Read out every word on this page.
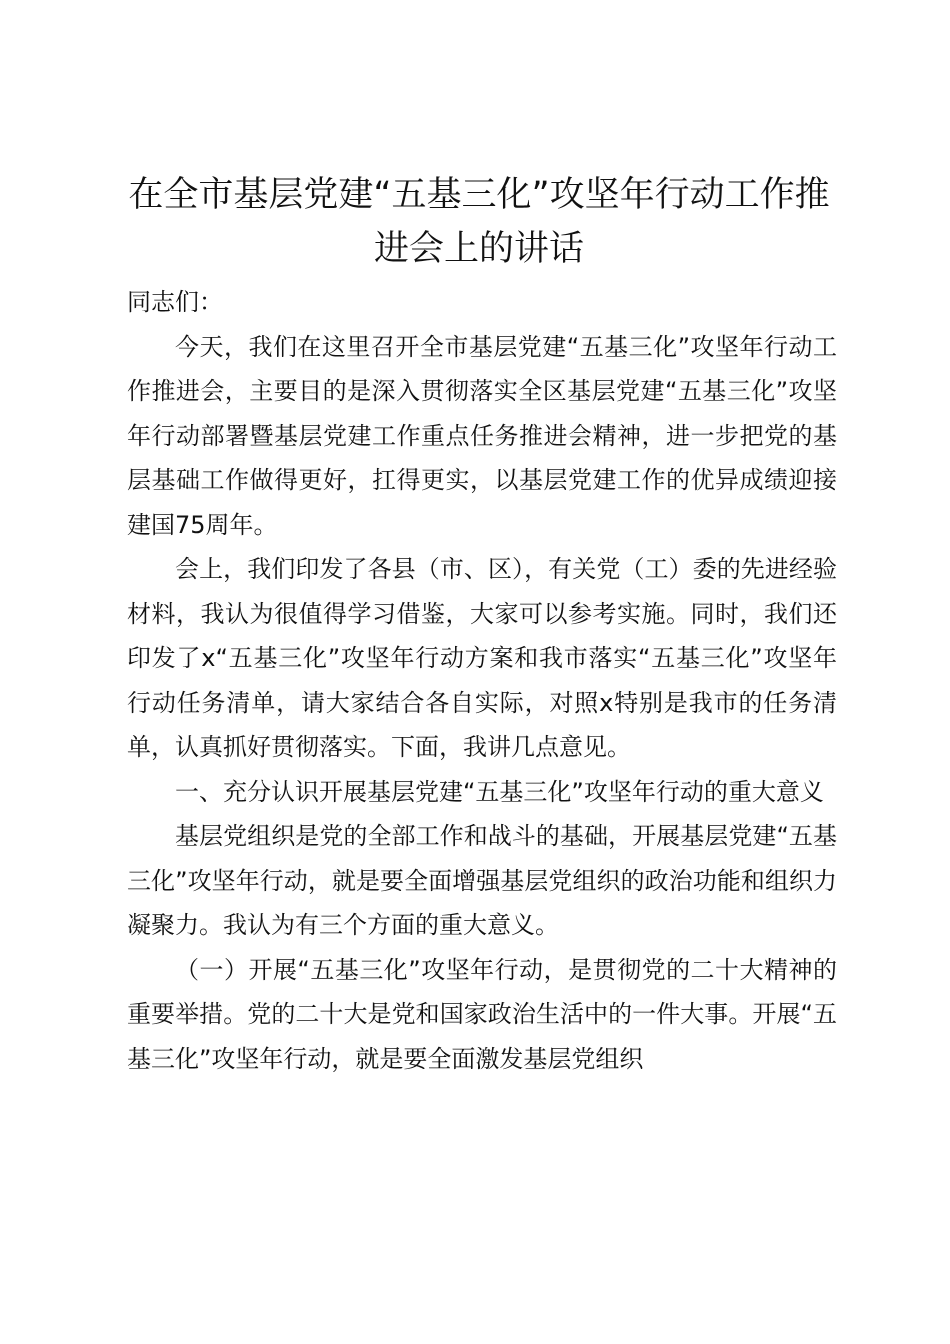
在全市基层党建“五基三化”攻坚年行动工作推进会上的讲话

同志们：

今天，我们在这里召开全市基层党建“五基三化”攻坚年行动工作推进会，主要目的是深入贯彻落实全区基层党建“五基三化”攻坚年行动部署暨基层党建工作重点任务推进会精神，进一步把党的基层基础工作做得更好，扛得更实，以基层党建工作的优异成绩迎接建国75周年。

会上，我们印发了各县（市、区），有关党（工）委的先进经验材料，我认为很值得学习借鉴，大家可以参考实施。同时，我们还印发了x“五基三化”攻坚年行动方案和我市落实“五基三化”攻坚年行动任务清单，请大家结合各自实际，对照x特别是我市的任务清单，认真抓好贯彻落实。下面，我讲几点意见。

一、充分认识开展基层党建“五基三化”攻坚年行动的重大意义

基层党组织是党的全部工作和战斗的基础，开展基层党建“五基三化”攻坚年行动，就是要全面增强基层党组织的政治功能和组织力凝聚力。我认为有三个方面的重大意义。

（一）开展“五基三化”攻坚年行动，是贯彻党的二十大精神的重要举措。党的二十大是党和国家政治生活中的一件大事。开展“五基三化”攻坚年行动，就是要全面激发基层党组织
